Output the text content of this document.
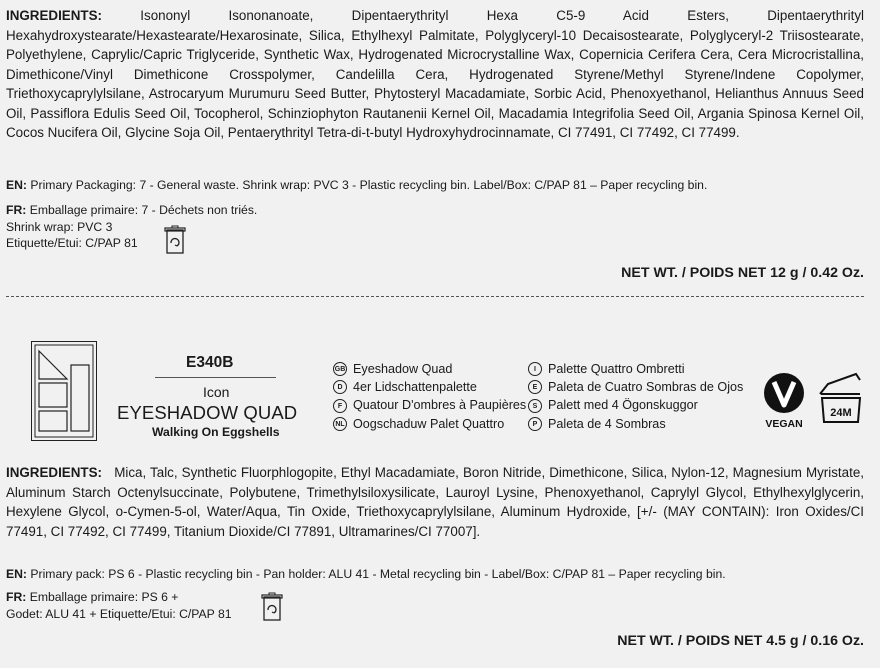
INGREDIENTS:	Isononyl Isononanoate, Dipentaerythrityl Hexa C5-9 Acid Esters, Dipentaerythrityl Hexahydroxystearate/Hexastearate/Hexarosinate, Silica, Ethylhexyl Palmitate, Polyglyceryl-10 Decaisostearate, Polyglyceryl-2 Triisostearate, Polyethylene, Caprylic/Capric Triglyceride, Synthetic Wax, Hydrogenated Microcrystalline Wax, Copernicia Cerifera Cera, Cera Microcristallina, Dimethicone/Vinyl Dimethicone Crosspolymer, Candelilla Cera, Hydrogenated Styrene/Methyl Styrene/Indene Copolymer, Triethoxycaprylylsilane, Astrocaryum Murumuru Seed Butter, Phytosteryl Macadamiate, Sorbic Acid, Phenoxyethanol, Helianthus Annuus Seed Oil, Passiflora Edulis Seed Oil, Tocopherol, Schinziophyton Rautanenii Kernel Oil, Macadamia Integrifolia Seed Oil, Argania Spinosa Kernel Oil, Cocos Nucifera Oil, Glycine Soja Oil, Pentaerythrityl Tetra-di-t-butyl Hydroxyhydrocinnamate, CI 77491, CI 77492, CI 77499.
EN: Primary Packaging: 7 - General waste. Shrink wrap: PVC 3 - Plastic recycling bin. Label/Box: C/PAP 81 – Paper recycling bin.
FR: Emballage primaire: 7 - Déchets non triés.
Shrink wrap: PVC 3
Etiquette/Etui: C/PAP 81
NET WT. / POIDS NET 12 g / 0.42 Oz.
E340B
Icon
EYESHADOW QUAD
Walking On Eggshells
GB Eyeshadow Quad
D 4er Lidschattenpalette
F Quatour D'ombres à Paupières
NL Oogschaduw Palet Quattro
I Palette Quattro Ombretti
E Paleta de Cuatro Sombras de Ojos
S Palett med 4 Ögonskuggor
P Paleta de 4 Sombras	VEGAN
24M
INGREDIENTS: Mica, Talc, Synthetic Fluorphlogopite, Ethyl Macadamiate, Boron Nitride, Dimethicone, Silica, Nylon-12, Magnesium Myristate, Aluminum Starch Octenylsuccinate, Polybutene, Trimethylsiloxysilicate, Lauroyl Lysine, Phenoxyethanol, Caprylyl Glycol, Ethylhexylglycerin, Hexylene Glycol, o-Cymen-5-ol, Water/Aqua, Tin Oxide, Triethoxycaprylylsilane, Aluminum Hydroxide, [+/- (MAY CONTAIN): Iron Oxides/CI 77491, CI 77492, CI 77499, Titanium Dioxide/CI 77891, Ultramarines/CI 77007].
EN: Primary pack: PS 6 - Plastic recycling bin - Pan holder: ALU 41 - Metal recycling bin - Label/Box: C/PAP 81 – Paper recycling bin.
FR: Emballage primaire: PS 6 +
Godet: ALU 41 + Etiquette/Etui: C/PAP 81
NET WT. / POIDS NET 4.5 g / 0.16 Oz.
